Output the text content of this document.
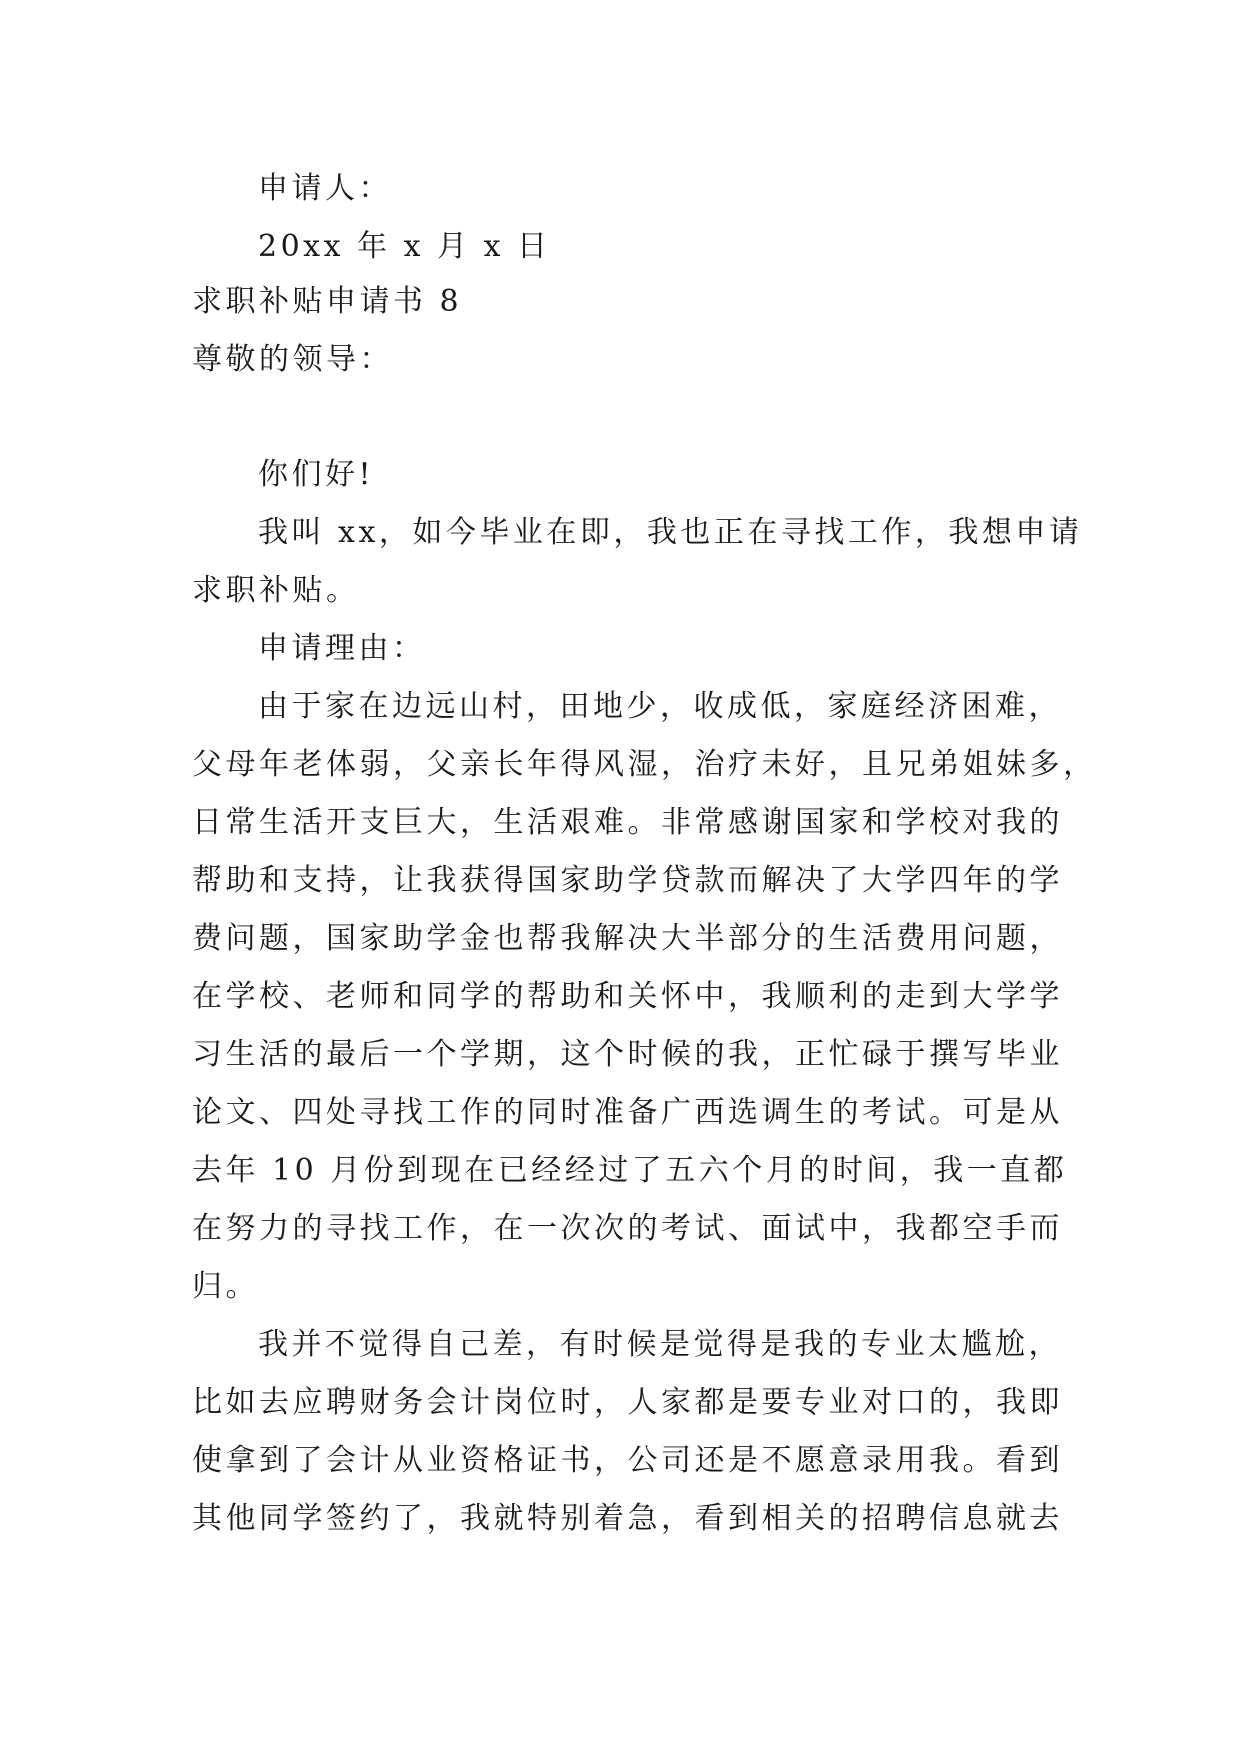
申请人：

20xx 年 x 月 x 日

求职补贴申请书 8

尊敬的领导：

你们好!

我叫 xx，如今毕业在即，我也正在寻找工作，我想申请

求职补贴。

申请理由：

由于家在边远山村，田地少，收成低，家庭经济困难，

父母年老体弱，父亲长年得风湿，治疗未好，且兄弟姐妹多，

日常生活开支巨大，生活艰难。非常感谢国家和学校对我的

帮助和支持，让我获得国家助学贷款而解决了大学四年的学

费问题，国家助学金也帮我解决大半部分的生活费用问题，

在学校、老师和同学的帮助和关怀中，我顺利的走到大学学

习生活的最后一个学期，这个时候的我，正忙碌于撰写毕业

论文、四处寻找工作的同时准备广西选调生的考试。可是从

去年 10 月份到现在已经经过了五六个月的时间，我一直都

在努力的寻找工作，在一次次的考试、面试中，我都空手而

归。

我并不觉得自己差，有时候是觉得是我的专业太尴尬，

比如去应聘财务会计岗位时，人家都是要专业对口的，我即

使拿到了会计从业资格证书，公司还是不愿意录用我。看到

其他同学签约了，我就特别着急，看到相关的招聘信息就去
